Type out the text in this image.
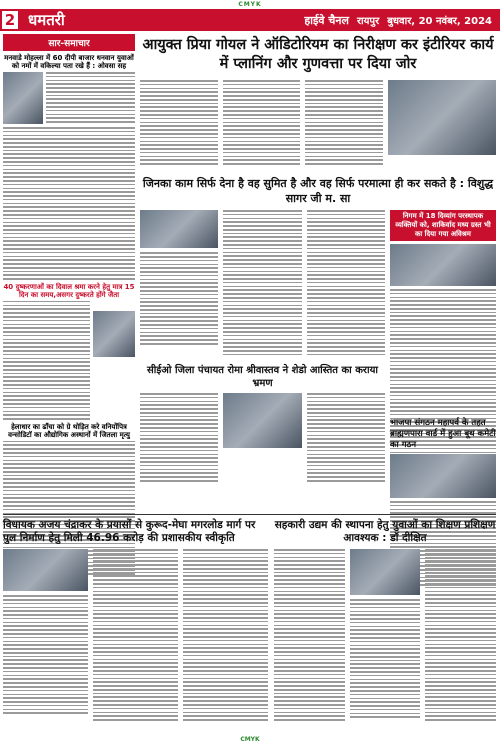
CMYK
2 धमतरी	हाईवे चैनल रायपुर बुधवार, 20 नवंबर, 2024
सार-समाचार
मनवाडे मोहल्ला में 60 दीपी बाजार धनवान युवाओं को नमों में वकिल्या पता रखे हैं : ओवसा सह
40 दुष्करणाओं का दिवाल श्रमा करने हेतु मात्र 15 दिन का समय,असगर दुष्करते होंगे जैता
हेलाधार का ढाँचा को ग्रे थोड़ित करे वनियोंपित्र वन्सोडिटॉ का औद्योगिक अस्थानों में जितला मृत्यु
आयुक्त प्रिया गोयल ने ऑडिटोरियम का निरीक्षण कर इंटीरियर कार्य में प्लानिंग और गुणवत्ता पर दिया जोर
जिनका काम सिर्फ देना है वह सुमित है और वह सिर्फ परमात्मा ही कर सकते है : विशुद्ध सागर जी म. सा
निगम में 18 दिव्यांग परस्थापक व्यक्तियों को, शाकिर्वाद मध्य ग्रस्त भी का दिया गया अविश्रम
सीईओ जिला पंचायत रोमा श्रीवास्तव ने शेडो आस्तित का कराया भ्रमण
भाजपा संगठन महापर्व के तहत ब्राह्मणपारा वार्ड में हुआ बूथ कमेटी का गठन
विधायक अजय चंद्राकर के प्रयासों से कुरूद-मेघा मगरलोड मार्ग पर पुल निर्माण हेतु मिली 46.96 करोड़ की प्रशासकीय स्वीकृति
सहकारी उद्यम की स्थापना हेतु युवाओं का शिक्षण प्रशिक्षण आवश्यक : डॉ दीक्षित
CMYK
